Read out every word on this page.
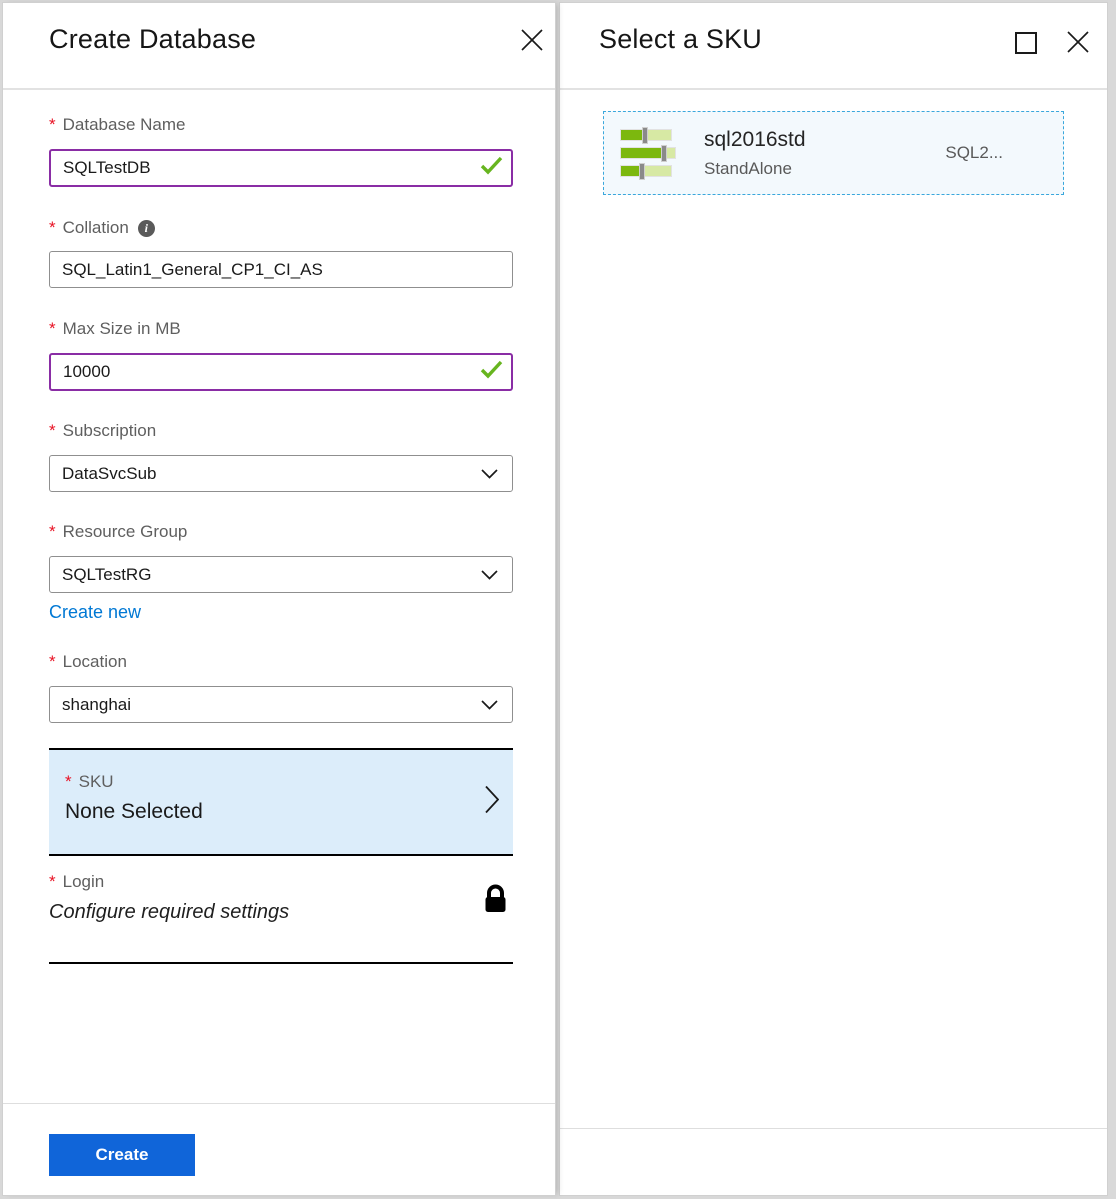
Create Database
* Database Name
SQLTestDB
* Collation	i
SQL_Latin1_General_CP1_CI_AS
* Max Size in MB
10000
* Subscription
DataSvcSub
* Resource Group
SQLTestRG
Create new
* Location
shanghai
* SKU
None Selected
* Login
Configure required settings
Create
Select a SKU
sql2016std
StandAlone
SQL2...
